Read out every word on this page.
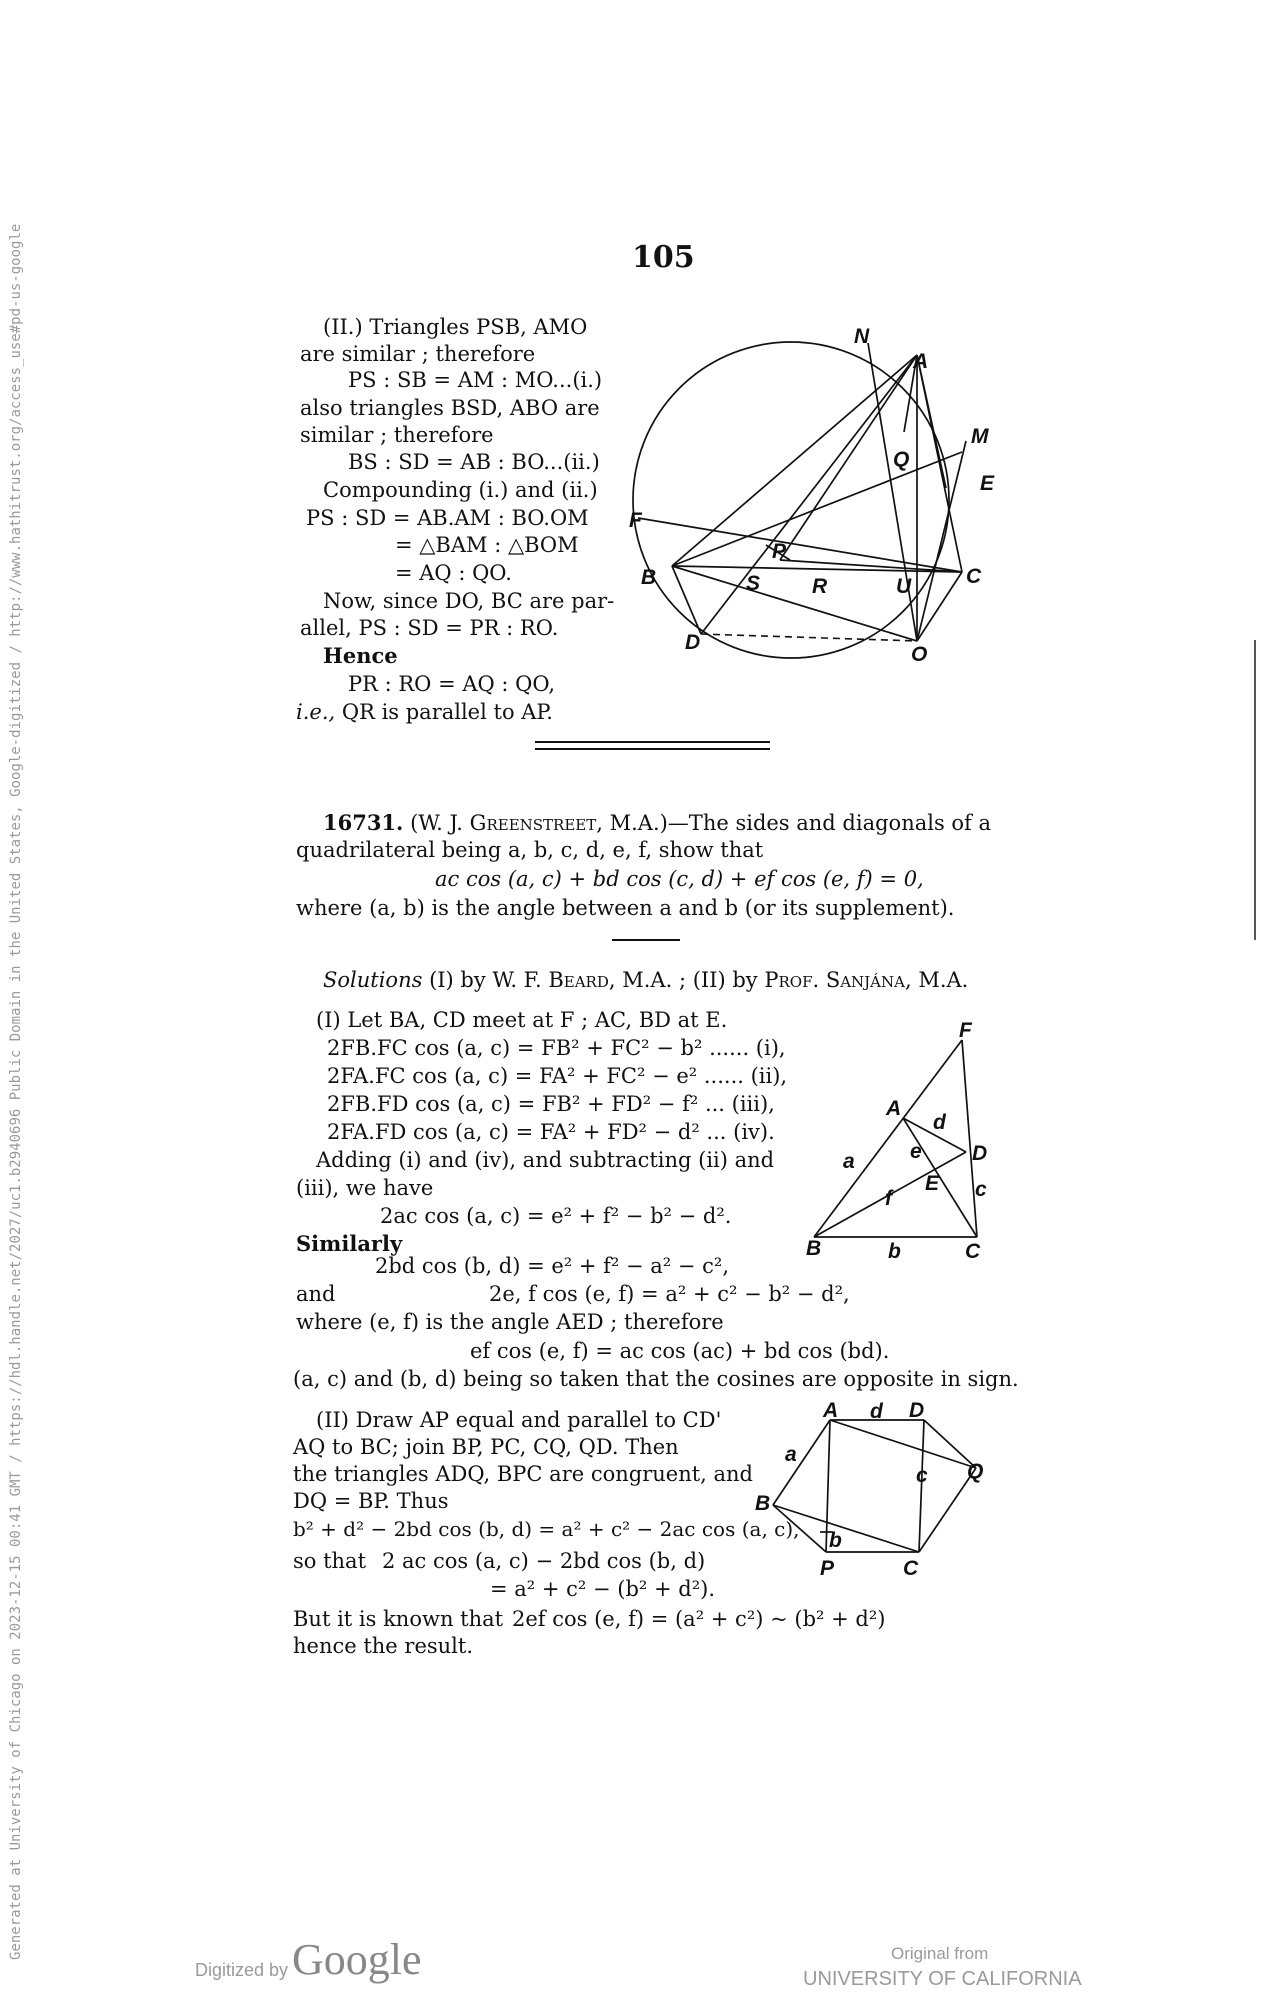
105
(II.) Triangles PSB, AMO
are similar ; therefore
PS : SB = AM : MO...(i.)
also triangles BSD, ABO are
similar ; therefore
BS : SD = AB : BO...(ii.)
Compounding (i.) and (ii.)
PS : SD = AB.AM : BO.OM
= △BAM : △BOM
= AQ : QO.
Now, since DO, BC are par-
allel, PS : SD = PR : RO.
Hence
PR : RO = AQ : QO,
i.e., QR is parallel to AP.
N
A
M
Q
E
F
P
B	S R	U	C
D
O
16731. (W. J. Greenstreet, M.A.)—The sides and diagonals of a
quadrilateral being a, b, c, d, e, f, show that
ac cos (a, c) + bd cos (c, d) + ef cos (e, f) = 0,
where (a, b) is the angle between a and b (or its supplement).
Solutions (I) by W. F. Beard, M.A. ; (II) by Prof. Sanjána, M.A.
(I) Let BA, CD meet at F ; AC, BD at E.
2FB.FC cos (a, c) = FB² + FC² − b² ...... (i),
2FA.FC cos (a, c) = FA² + FC² − e² ...... (ii),
2FB.FD cos (a, c) = FB² + FD² − f² ... (iii),
2FA.FD cos (a, c) = FA² + FD² − d² ... (iv).
Adding (i) and (iv), and subtracting (ii) and
(iii), we have
2ac cos (a, c) = e² + f² − b² − d².
Similarly
2bd cos (b, d) = e² + f² − a² − c²,
and	2e, f cos (e, f) = a² + c² − b² − d²,
where (e, f) is the angle AED ; therefore
ef cos (e, f) = ac cos (ac) + bd cos (bd).
(a, c) and (b, d) being so taken that the cosines are opposite in sign.
F
A
d
e D
a
E c
f
B	b	C
(II) Draw AP equal and parallel to CD'
AQ to BC; join BP, PC, CQ, QD. Then
the triangles ADQ, BPC are congruent, and
DQ = BP. Thus
b² + d² − 2bd cos (b, d) = a² + c² − 2ac cos (a, c),
so that 2 ac cos (a, c) − 2bd cos (b, d)
= a² + c² − (b² + d²).
But it is known that 2ef cos (e, f) = (a² + c²) ~ (b² + d²)
hence the result.
A d D
a
c Q
B
b
P	C
Generated at University of Chicago on 2023-12-15 00:41 GMT / https://hdl.handle.net/2027/uc1.b2940696 Public Domain in the United States, Google-digitized / http://www.hathitrust.org/access_use#pd-us-google
Digitized by Google	Original from
UNIVERSITY OF CALIFORNIA
